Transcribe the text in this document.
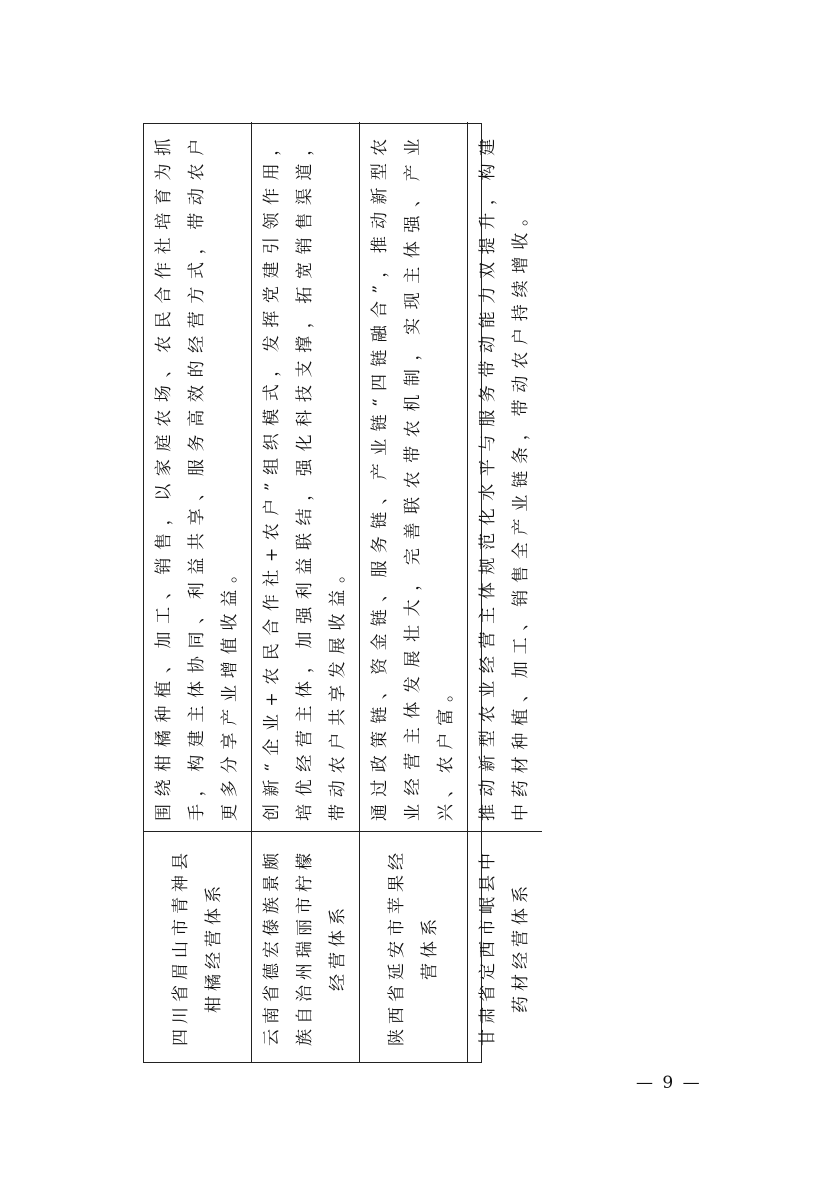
四川省眉山市青神县柑橘经营体系	围绕柑橘种植、加工、销售，以家庭农场、农民合作社培育为抓手，构建主体协同、利益共享、服务高效的经营方式，带动农户更多分享产业增值收益。
云南省德宏傣族景颇族自治州瑞丽市柠檬经营体系	创新“企业+农民合作社+农户”组织模式，发挥党建引领作用，培优经营主体，加强利益联结，强化科技支撑，拓宽销售渠道，带动农户共享发展收益。
陕西省延安市苹果经营体系	通过政策链、资金链、服务链、产业链“四链融合”，推动新型农业经营主体发展壮大，完善联农带农机制，实现主体强、产业兴、农户富。
甘肃省定西市岷县中药材经营体系	推动新型农业经营主体规范化水平与服务带动能力双提升，构建中药材种植、加工、销售全产业链条，带动农户持续增收。
— 9 —
